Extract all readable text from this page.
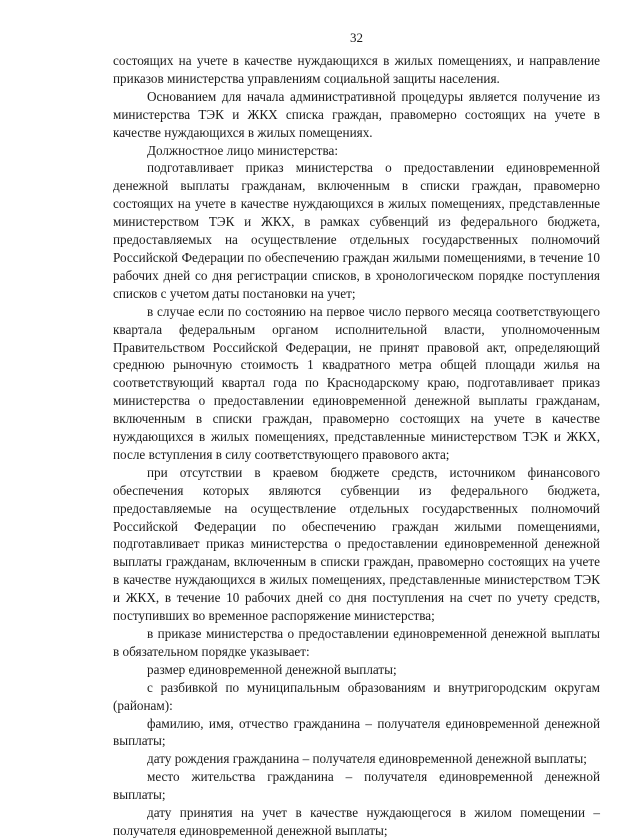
32

состоящих на учете в качестве нуждающихся в жилых помещениях, и направление приказов министерства управлениям социальной защиты населения.

Основанием для начала административной процедуры является получение из министерства ТЭК и ЖКХ списка граждан, правомерно состоящих на учете в качестве нуждающихся в жилых помещениях.

Должностное лицо министерства:

подготавливает приказ министерства о предоставлении единовременной денежной выплаты гражданам, включенным в списки граждан, правомерно состоящих на учете в качестве нуждающихся в жилых помещениях, представленные министерством ТЭК и ЖКХ, в рамках субвенций из федерального бюджета, предоставляемых на осуществление отдельных государственных полномочий Российской Федерации по обеспечению граждан жилыми помещениями, в течение 10 рабочих дней со дня регистрации списков, в хронологическом порядке поступления списков с учетом даты постановки на учет;

в случае если по состоянию на первое число первого месяца соответствующего квартала федеральным органом исполнительной власти, уполномоченным Правительством Российской Федерации, не принят правовой акт, определяющий среднюю рыночную стоимость 1 квадратного метра общей площади жилья на соответствующий квартал года по Краснодарскому краю, подготавливает приказ министерства о предоставлении единовременной денежной выплаты гражданам, включенным в списки граждан, правомерно состоящих на учете в качестве нуждающихся в жилых помещениях, представленные министерством ТЭК и ЖКХ, после вступления в силу соответствующего правового акта;

при отсутствии в краевом бюджете средств, источником финансового обеспечения которых являются субвенции из федерального бюджета, предоставляемые на осуществление отдельных государственных полномочий Российской Федерации по обеспечению граждан жилыми помещениями, подготавливает приказ министерства о предоставлении единовременной денежной выплаты гражданам, включенным в списки граждан, правомерно состоящих на учете в качестве нуждающихся в жилых помещениях, представленные министерством ТЭК и ЖКХ, в течение 10 рабочих дней со дня поступления на счет по учету средств, поступивших во временное распоряжение министерства;

в приказе министерства о предоставлении единовременной денежной выплаты в обязательном порядке указывает:

размер единовременной денежной выплаты;

с разбивкой по муниципальным образованиям и внутригородским округам (районам):

фамилию, имя, отчество гражданина – получателя единовременной денежной выплаты;

дату рождения гражданина – получателя единовременной денежной выплаты;

место жительства гражданина – получателя единовременной денежной выплаты;

дату принятия на учет в качестве нуждающегося в жилом помещении – получателя единовременной денежной выплаты;
